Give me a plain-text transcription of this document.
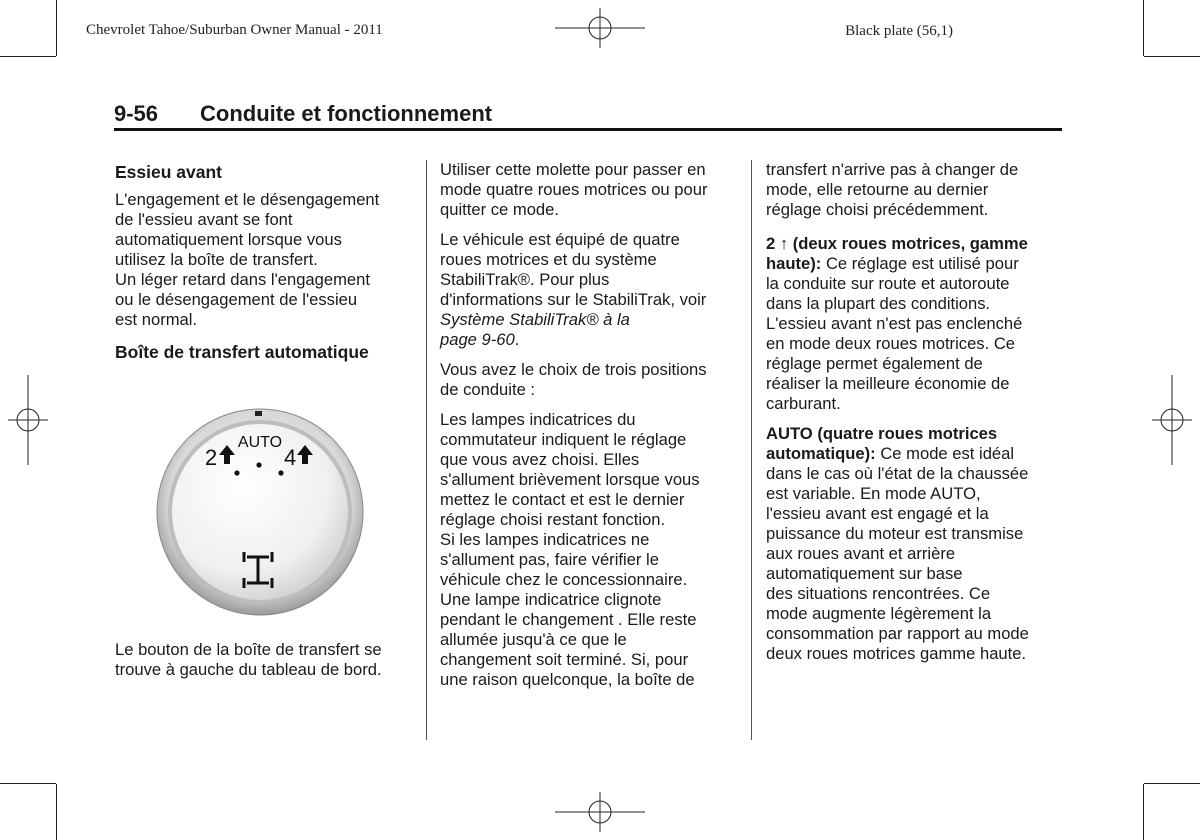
Chevrolet Tahoe/Suburban Owner Manual - 2011	Black plate (56,1)
9-56 Conduite et fonctionnement
Essieu avant
L'engagement et le désengagement
de l'essieu avant se font
automatiquement lorsque vous
utilisez la boîte de transfert.
Un léger retard dans l'engagement
ou le désengagement de l'essieu
est normal.
Boîte de transfert automatique
AUTO
2	4
Le bouton de la boîte de transfert se
trouve à gauche du tableau de bord.
Utiliser cette molette pour passer en
mode quatre roues motrices ou pour
quitter ce mode.
Le véhicule est équipé de quatre
roues motrices et du système
StabiliTrak®. Pour plus
d'informations sur le StabiliTrak, voir
Système StabiliTrak® à la
page 9‑60.
Vous avez le choix de trois positions
de conduite :
Les lampes indicatrices du
commutateur indiquent le réglage
que vous avez choisi. Elles
s'allument brièvement lorsque vous
mettez le contact et est le dernier
réglage choisi restant fonction.
Si les lampes indicatrices ne
s'allument pas, faire vérifier le
véhicule chez le concessionnaire.
Une lampe indicatrice clignote
pendant le changement . Elle reste
allumée jusqu'à ce que le
changement soit terminé. Si, pour
une raison quelconque, la boîte de
transfert n'arrive pas à changer de
mode, elle retourne au dernier
réglage choisi précédemment.
2 ↑ (deux roues motrices, gamme
haute): Ce réglage est utilisé pour
la conduite sur route et autoroute
dans la plupart des conditions.
L'essieu avant n'est pas enclenché
en mode deux roues motrices. Ce
réglage permet également de
réaliser la meilleure économie de
carburant.
AUTO (quatre roues motrices
automatique): Ce mode est idéal
dans le cas où l'état de la chaussée
est variable. En mode AUTO,
l'essieu avant est engagé et la
puissance du moteur est transmise
aux roues avant et arrière
automatiquement sur base
des situations rencontrées. Ce
mode augmente légèrement la
consommation par rapport au mode
deux roues motrices gamme haute.
